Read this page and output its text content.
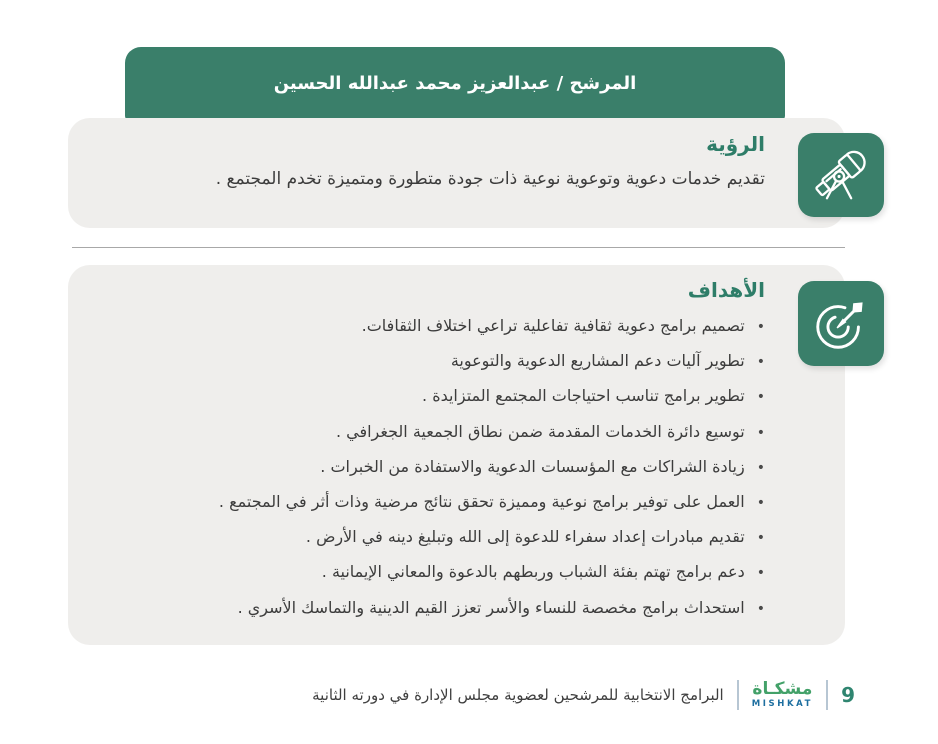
المرشح / عبدالعزيز محمد عبدالله الحسين
الرؤية

تقديم خدمات دعوية وتوعوية نوعية ذات جودة متطورة ومتميزة تخدم المجتمع .

الأهداف
• تصميم برامج دعوية ثقافية تفاعلية تراعي اختلاف الثقافات.
• تطوير آليات دعم المشاريع الدعوية والتوعوية
• تطوير برامج تناسب احتياجات المجتمع المتزايدة .
• توسيع دائرة الخدمات المقدمة ضمن نطاق الجمعية الجغرافي .
• زيادة الشراكات مع المؤسسات الدعوية والاستفادة من الخبرات .
• العمل على توفير برامج نوعية ومميزة تحقق نتائج مرضية وذات أثر في المجتمع .
• تقديم مبادرات إعداد سفراء للدعوة إلى الله وتبليغ دينه في الأرض .
• دعم برامج تهتم بفئة الشباب وربطهم بالدعوة والمعاني الإيمانية .
• استحداث برامج مخصصة للنساء والأسر تعزز القيم الدينية والتماسك الأسري .
9
مشكـاة
MISHKAT
البرامج الانتخابية للمرشحين لعضوية مجلس الإدارة في دورته الثانية
